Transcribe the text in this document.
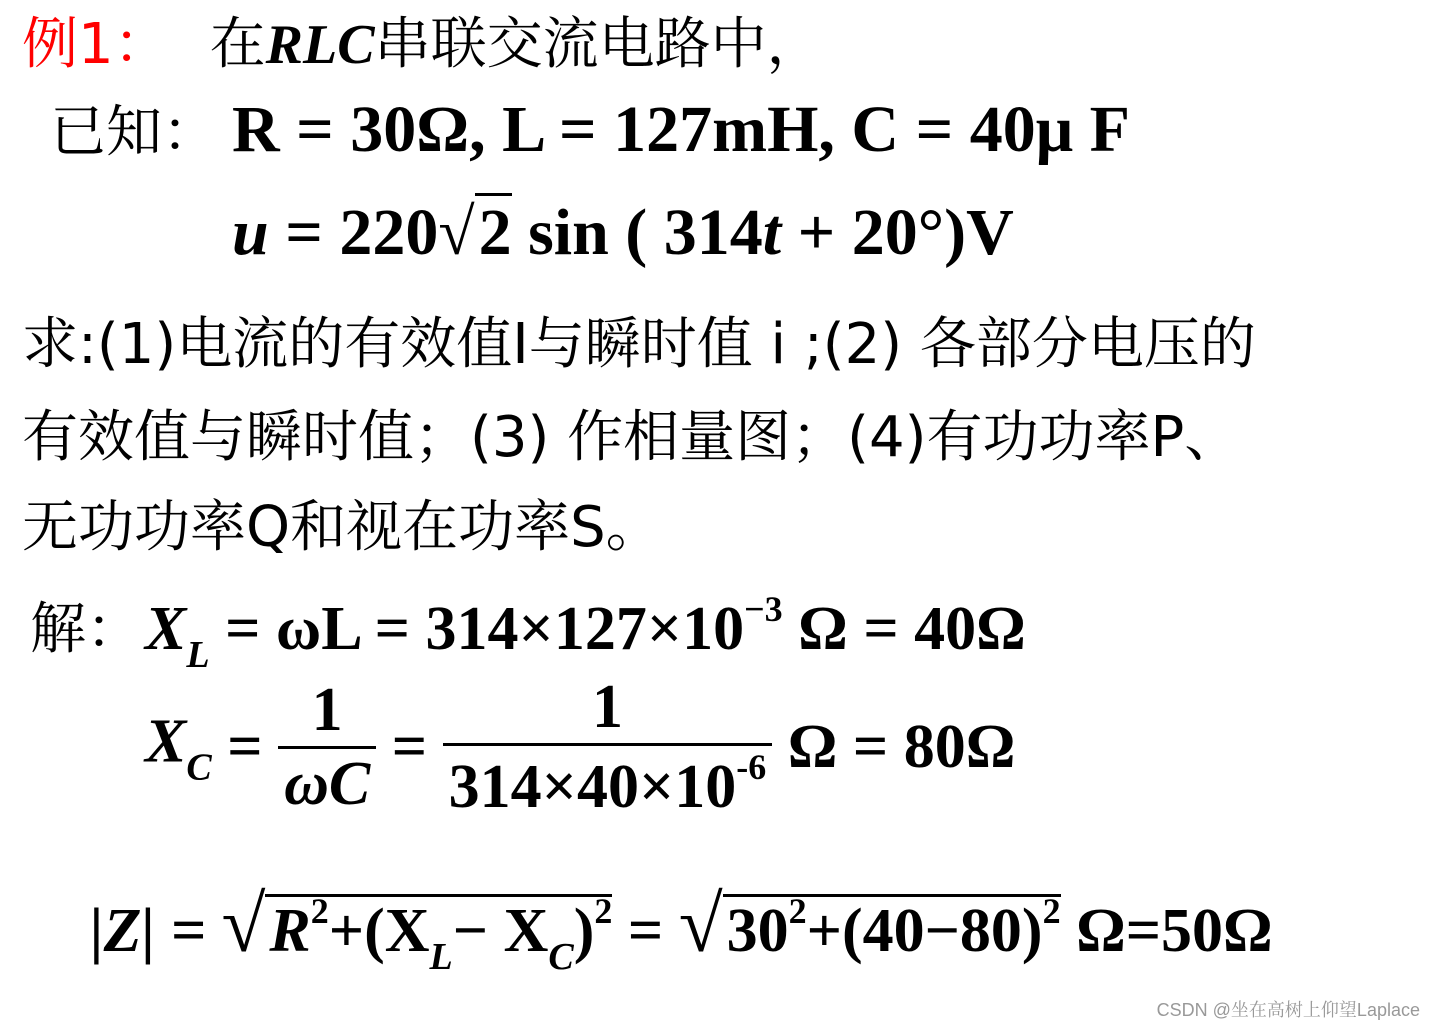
例1： 在RLC串联交流电路中，
已知： R = 30Ω, L = 127mH, C = 40μ F
u = 220√2 sin ( 314t + 20°)V
求:(1)电流的有效值I与瞬时值 i ;(2) 各部分电压的
有效值与瞬时值；(3) 作相量图；(4)有功功率P、
无功功率Q和视在功率S。
解： $X_L = \omega L = 314\times 127\times 10^{-3}$ Ω = 40Ω
$X_C = \frac{1}{\omega C} = \frac{1}{314\times 40\times 10^{-6}}$ Ω = 80Ω
$|Z| = √R^2+(X_L- X_C)^2 = √30^2+(40-80)^2$ Ω=50Ω
CSDN @坐在高树上仰望Laplace
